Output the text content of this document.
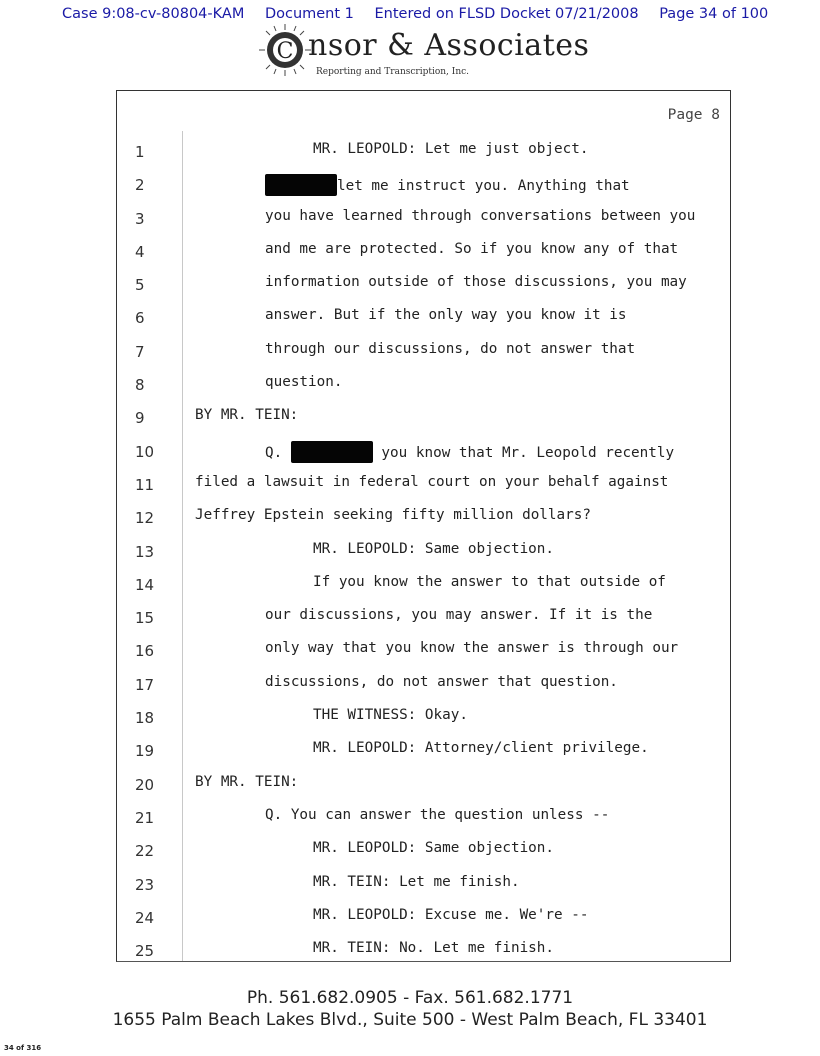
Case 9:08-cv-80804-KAM Document 1 Entered on FLSD Docket 07/21/2008 Page 34 of 100
C nsor & Associates
Reporting and Transcription, Inc.
Page 8
1	MR. LEOPOLD: Let me just object.
2	let me instruct you. Anything that
3	you have learned through conversations between you
4	and me are protected. So if you know any of that
5	information outside of those discussions, you may
6	answer. But if the only way you know it is
7	through our discussions, do not answer that
8	question.
9	BY MR. TEIN:
10	Q.	you know that Mr. Leopold recently
11	filed a lawsuit in federal court on your behalf against
12	Jeffrey Epstein seeking fifty million dollars?
13	MR. LEOPOLD: Same objection.
14	If you know the answer to that outside of
15	our discussions, you may answer. If it is the
16	only way that you know the answer is through our
17	discussions, do not answer that question.
18	THE WITNESS: Okay.
19	MR. LEOPOLD: Attorney/client privilege.
20	BY MR. TEIN:
21	Q. You can answer the question unless --
22	MR. LEOPOLD: Same objection.
23	MR. TEIN: Let me finish.
24	MR. LEOPOLD: Excuse me. We're --
25	MR. TEIN: No. Let me finish.
Ph. 561.682.0905 - Fax. 561.682.1771
1655 Palm Beach Lakes Blvd., Suite 500 - West Palm Beach, FL 33401
34 of 316
